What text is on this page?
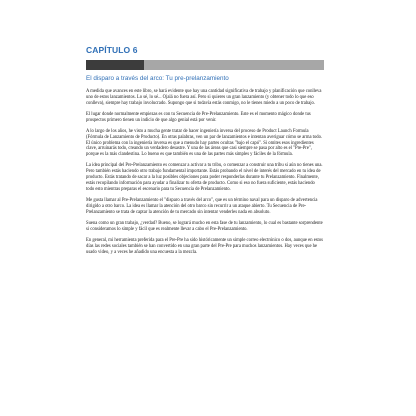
CAPÍTULO 6
El disparo a través del arco: Tu pre-prelanzamiento

A medida que avances en este libro, se hará evidente que hay una cantidad significativa de trabajo y planificación que conlleva uno de estos lanzamientos. Lo sé, lo sé... Ojalá no fuera así. Pero si quieres un gran lanzamiento (y obtener todo lo que eso conlleva), siempre hay trabajo involucrado. Supongo que si todavía estás conmigo, no le tienes miedo a un poco de trabajo.

El lugar donde normalmente empiezas es con tu Secuencia de Pre-Prelanzamiento. Este es el momento mágico donde tus prospectos primero tienen un indicio de que algo genial está por venir.

A lo largo de los años, he visto a mucha gente tratar de hacer ingeniería inversa del proceso de Product Launch Formula (Fórmula de Lanzamiento de Producto). En otras palabras, ven un par de lanzamientos e intentan averiguar cómo se arma todo. El único problema con la ingeniería inversa es que a menudo hay partes ocultas "bajo el capó". Si omites esos ingredientes clave, arruinarás todo, creando un verdadero desastre. Y una de las áreas que casi siempre se pasa por alto es el "Pre-Pre", porque es la más clandestina. Lo bueno es que también es una de las partes más simples y fáciles de la fórmula.

La idea principal del Pre-Prelanzamiento es comenzar a activar a tu tribu, o comenzar a construir una tribu si aún no tienes una. Pero también estás haciendo otro trabajo fundamental importante. Estás probando el nivel de interés del mercado en tu idea de producto. Estás tratando de sacar a la luz posibles objeciones para poder responderlas durante tu Prelanzamiento. Finalmente, estás recopilando información para ayudar a finalizar tu oferta de producto. Como si eso no fuera suficiente, estás haciendo todo esto mientras preparas el escenario para tu Secuencia de Prelanzamiento.

Me gusta llamar al Pre-Prelanzamiento el "disparo a través del arco", que es un término naval para un disparo de advertencia dirigido a otro barco. La idea es llamar la atención del otro barco sin recurrir a un ataque abierto. Tu Secuencia de Pre-Prelanzamiento se trata de captar la atención de tu mercado sin intentar venderles nada en absoluto.

Suena como un gran trabajo, ¿verdad? Bueno, se logrará mucho en esta fase de tu lanzamiento, lo cual es bastante sorprendente si consideramos lo simple y fácil que es realmente llevar a cabo el Pre-Prelanzamiento.

En general, mi herramienta preferida para el Pre-Pre ha sido históricamente un simple correo electrónico o dos, aunque en estos días las redes sociales también se han convertido en una gran parte del Pre-Pre para muchos lanzamientos. Hay veces que he usado video, y a veces he añadido una encuesta a la mezcla.
